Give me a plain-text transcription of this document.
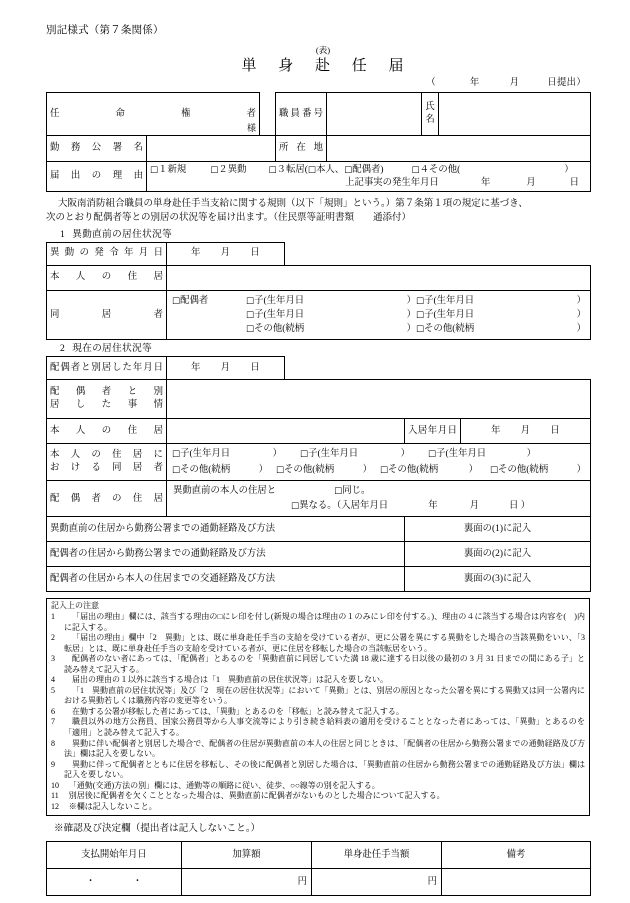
別記様式（第７条関係）
(表)
単 身 赴 任 届
（	年	月	日提出）
任命権者
様			職員番号		氏
名	

勤 務 公 署 名			所 在 地			
届 出 の 理 由	□ １新規 □ ２異動 □ ３転居( □ 本人、 □ 配偶者) □ ４その他( ）
上記事実の発生年月日 年 月 日
大阪南消防組合職員の単身赴任手当支給に関する規則（以下「規則」という。）第７条第１項の規定に基づき、
次のとおり配偶者等との別居の状況等を届け出ます。（住民票等証明書類　　通添付）
1 異動直前の居住状況等
異 動 の 発 令 年 月 日	年 月 日		
本 人 の 住 居			
同　　居　　者	
□ 配偶者	□ 子(生年月日	） □ 子(生年月日	）
□ 子(生年月日	） □ 子(生年月日	）
□ その他(続柄	） □ その他(続柄	）
2 現在の居住状況等
配偶者と別居した年月日	年 月 日			

配 偶 者 と 別
居 し た 事 情				

本 人 の 住 居			入居年月日	年 月 日

本人の住居に
おける同居者

□ 子(生年月日	）	□ 子(生年月日	）	□ 子(生年月日	）
□ その他(続柄	）	□ その他(続柄	）	□ その他(続柄	）	□ その他(続柄	）

配偶者の住居	異動直前の本人の住居と □ 同じ。
□ 異なる。（入居年月日 年 月 日 ）

異動直前の住居から勤務公署までの通勤経路及び方法			裏面の(1)に記入	
配偶者の住居から勤務公署までの通勤経路及び方法			裏面の(2)に記入	
配偶者の住居から本人の住居までの交通経路及び方法			裏面の(3)に記入	
記入上の注意
1	「届出の理由」欄には、該当する理由の□にレ印を付し(新規の場合は理由の１のみにレ印を付する。)、理由の４に該当する場合は内容を(　)内に記入する。
2	「届出の理由」欄中「2　異動」とは、既に単身赴任手当の支給を受けている者が、更に公署を異にする異動をした場合の当該異動をいい、「3　転居」とは、既に単身赴任手当の支給を受けている者が、更に住居を移転した場合の当該転居をいう。
3	配偶者のない者にあっては、「配偶者」とあるのを「異動直前に同居していた満 18 歳に達する日以後の最初の 3 月 31 日までの間にある子」と読み替えて記入する。
4	届出の理由の１以外に該当する場合は「1　異動直前の居住状況等」は記入を要しない。
5	「1　異動直前の居住状況等」及び「2　現在の居住状況等」において「異動」とは、別居の原因となった公署を異にする異動又は同一公署内における異動若しくは職務内容の変更等をいう。
6	在勤する公署が移転した者にあっては、「異動」とあるのを「移転」と読み替えて記入する。
7	職員以外の地方公務員、国家公務員等から人事交流等により引き続き給料表の適用を受けることとなった者にあっては、「異動」とあるのを「適用」と読み替えて記入する。
8	異動に伴い配偶者と別居した場合で、配偶者の住居が異動直前の本人の住居と同じときは、「配偶者の住居から勤務公署までの通勤経路及び方法」欄は記入を要しない。
9	異動に伴って配偶者とともに住居を移転し、その後に配偶者と別居した場合は、「異動直前の住居から勤務公署までの通勤経路及び方法」欄は記入を要しない。
10	「通勤(交通)方法の別」欄には、通勤等の順路に従い、徒歩、○○線等の別を記入する。
11	別居後に配偶者を欠くこととなった場合は、異動直前に配偶者がないものとした場合について記入する。
12	※欄は記入しないこと。
※確認及び決定欄（提出者は記入しないこと。）
支払開始年月日	加算額	単身赴任手当額	備考
・　　　　・	円	円	
